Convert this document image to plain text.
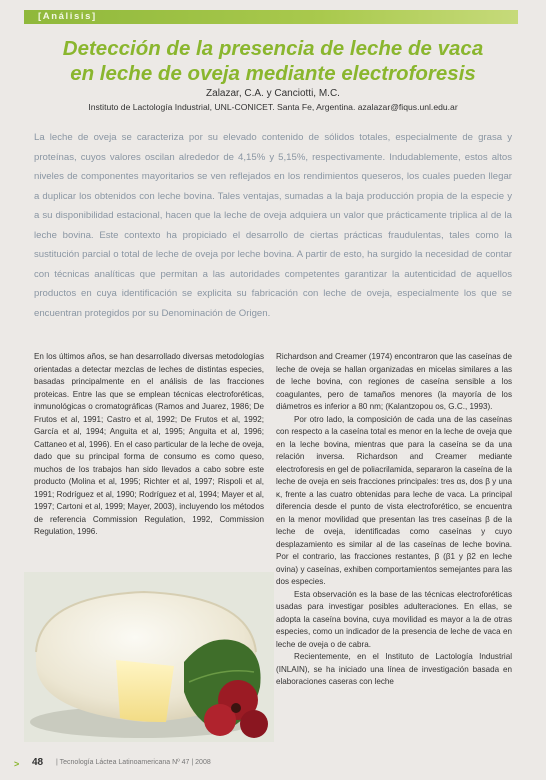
[Análisis]
Detección de la presencia de leche de vaca
en leche de oveja mediante electroforesis
Zalazar, C.A. y Canciotti, M.C.
Instituto de Lactología Industrial, UNL-CONICET. Santa Fe, Argentina. azalazar@fiqus.unl.edu.ar

La leche de oveja se caracteriza por su elevado contenido de sólidos totales, especialmente de grasa y proteínas, cuyos valores oscilan alrededor de 4,15% y 5,15%, respectivamente. Indudablemente, estos altos niveles de componentes mayoritarios se ven reflejados en los rendimientos queseros, los cuales pueden llegar a duplicar los obtenidos con leche bovina. Tales ventajas, sumadas a la baja producción propia de la especie y a su disponibilidad estacional, hacen que la leche de oveja adquiera un valor que prácticamente triplica al de la leche bovina. Este contexto ha propiciado el desarrollo de ciertas prácticas fraudulentas, tales como la sustitución parcial o total de leche de oveja por leche bovina. A partir de esto, ha surgido la necesidad de contar con técnicas analíticas que permitan a las autoridades competentes garantizar la autenticidad de aquellos productos en cuya identificación se explicita su fabricación con leche de oveja, especialmente los que se encuentran protegidos por su Denominación de Origen.

En los últimos años, se han desarrollado diversas metodologías orientadas a detectar mezclas de leches de distintas especies, basadas principalmente en el análisis de las fracciones proteicas. Entre las que se emplean técnicas electroforéticas, inmunológicas o cromatográficas (Ramos and Juarez, 1986; De Frutos et al, 1991; Castro et al, 1992; De Frutos et al, 1992; García et al, 1994; Anguita et al, 1995; Anguita et al, 1996; Cattaneo et al, 1996). En el caso particular de la leche de oveja, dado que su principal forma de consumo es como queso, muchos de los trabajos han sido llevados a cabo sobre este producto (Molina et al, 1995; Richter et al, 1997; Rispoli et al, 1991; Rodríguez et al, 1990; Rodríguez et al, 1994; Mayer et al, 1997; Cartoni et al, 1999; Mayer, 2003), incluyendo los métodos de referencia Commission Regulation, 1992, Commission Regulation, 1996.

Richardson and Creamer (1974) encontraron que las caseínas de leche de oveja se hallan organizadas en micelas similares a las de leche bovina, con regiones de caseína sensible a los coagulantes, pero de tamaños menores (la mayoría de los diámetros es inferior a 80 nm; (Kalantzopou os, G.C., 1993).

Por otro lado, la composición de cada una de las caseínas con respecto a la caseína total es menor en la leche de oveja que en la leche bovina, mientras que para la caseína se da una relación inversa. Richardson and Creamer mediante electroforesis en gel de poliacrilamida, separaron la caseína de la leche de oveja en seis fracciones principales: tres αs, dos β y una κ, frente a las cuatro obtenidas para leche de vaca. La principal diferencia desde el punto de vista electroforético, se encuentra en la menor movilidad que presentan las tres caseínas β de la leche de oveja, identificadas como caseínas y cuyo desplazamiento es similar al de las caseínas de leche bovina. Por el contrario, las fracciones restantes, β (β1 y β2 en leche ovina) y caseínas, exhiben comportamientos semejantes para las dos especies.

Esta observación es la base de las técnicas electroforéticas usadas para investigar posibles adulteraciones. En ellas, se adopta la caseína bovina, cuya movilidad es mayor a la de otras especies, como un indicador de la presencia de leche de vaca en leche de oveja o de cabra.

Recientemente, en el Instituto de Lactología Industrial (INLAIN), se ha iniciado una línea de investigación basada en elaboraciones caseras con leche

> 48 | Tecnología Láctea Latinoamericana Nº 47 | 2008
